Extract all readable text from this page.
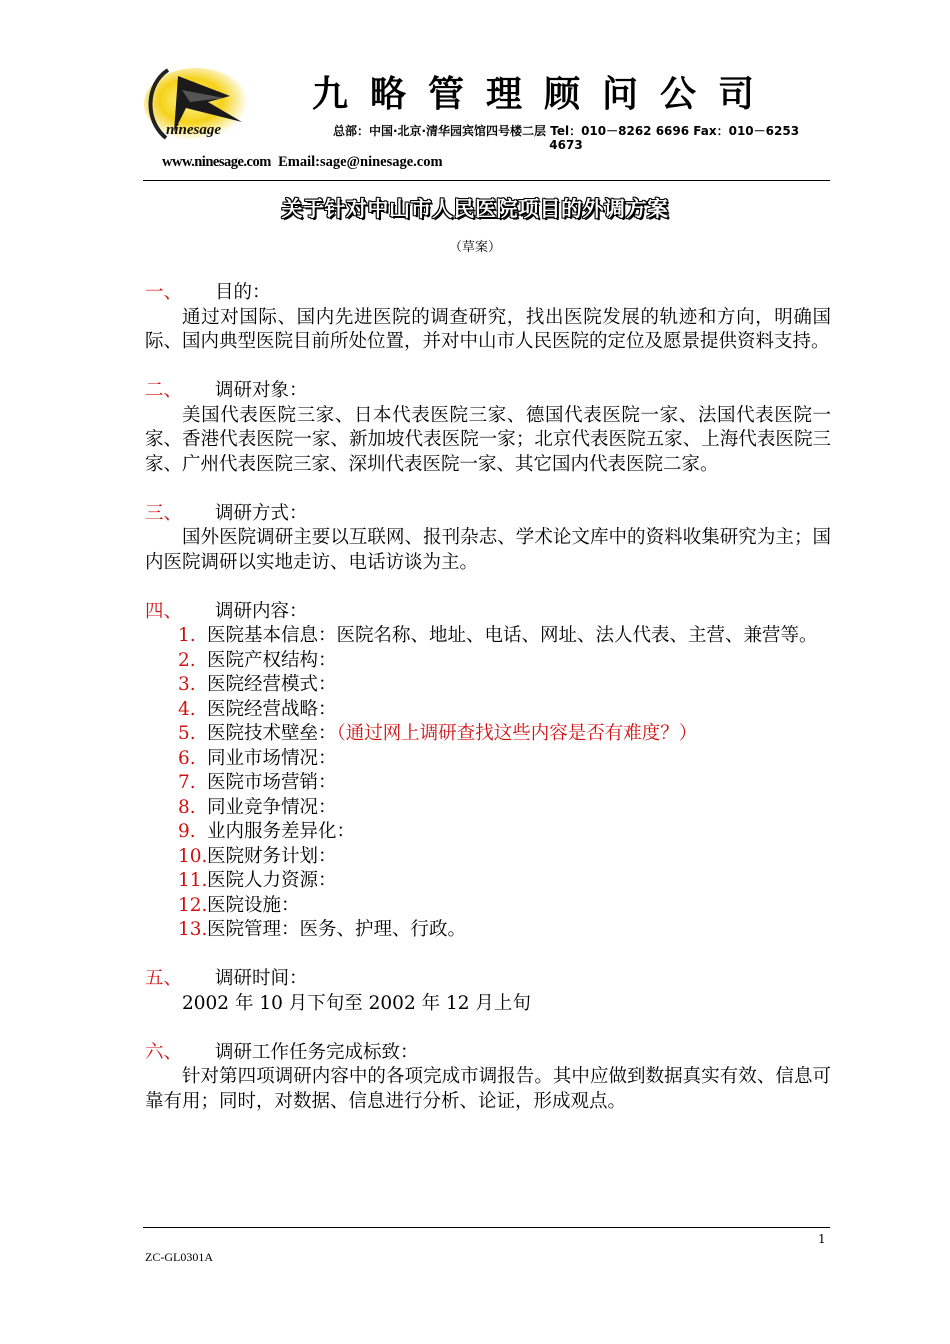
ninesage
九略管理顾问公司
总部：中国·北京·清华园宾馆四号楼二层 Tel：010－8262 6696 Fax：010－6253
4673
www.ninesage.com Email:sage@ninesage.com
关于针对中山市人民医院项目的外调方案
（草案）
一、 目的：
通过对国际、国内先进医院的调查研究，找出医院发展的轨迹和方向，明确国际、国内典型医院目前所处位置，并对中山市人民医院的定位及愿景提供资料支持。
二、 调研对象：
美国代表医院三家、日本代表医院三家、德国代表医院一家、法国代表医院一家、香港代表医院一家、新加坡代表医院一家；北京代表医院五家、上海代表医院三家、广州代表医院三家、深圳代表医院一家、其它国内代表医院二家。
三、 调研方式：
国外医院调研主要以互联网、报刊杂志、学术论文库中的资料收集研究为主；国内医院调研以实地走访、电话访谈为主。
四、 调研内容：
1. 医院基本信息：医院名称、地址、电话、网址、法人代表、主营、兼营等。
2. 医院产权结构：
3. 医院经营模式：
4. 医院经营战略：
5. 医院技术壁垒：（通过网上调研查找这些内容是否有难度？）
6. 同业市场情况：
7. 医院市场营销：
8. 同业竞争情况：
9. 业内服务差异化：
10. 医院财务计划：
11. 医院人力资源：
12. 医院设施：
13. 医院管理：医务、护理、行政。
五、 调研时间：
2002 年 10 月下旬至 2002 年 12 月上旬
六、 调研工作任务完成标致：
针对第四项调研内容中的各项完成市调报告。其中应做到数据真实有效、信息可靠有用；同时，对数据、信息进行分析、论证，形成观点。
1
ZC-GL0301A
